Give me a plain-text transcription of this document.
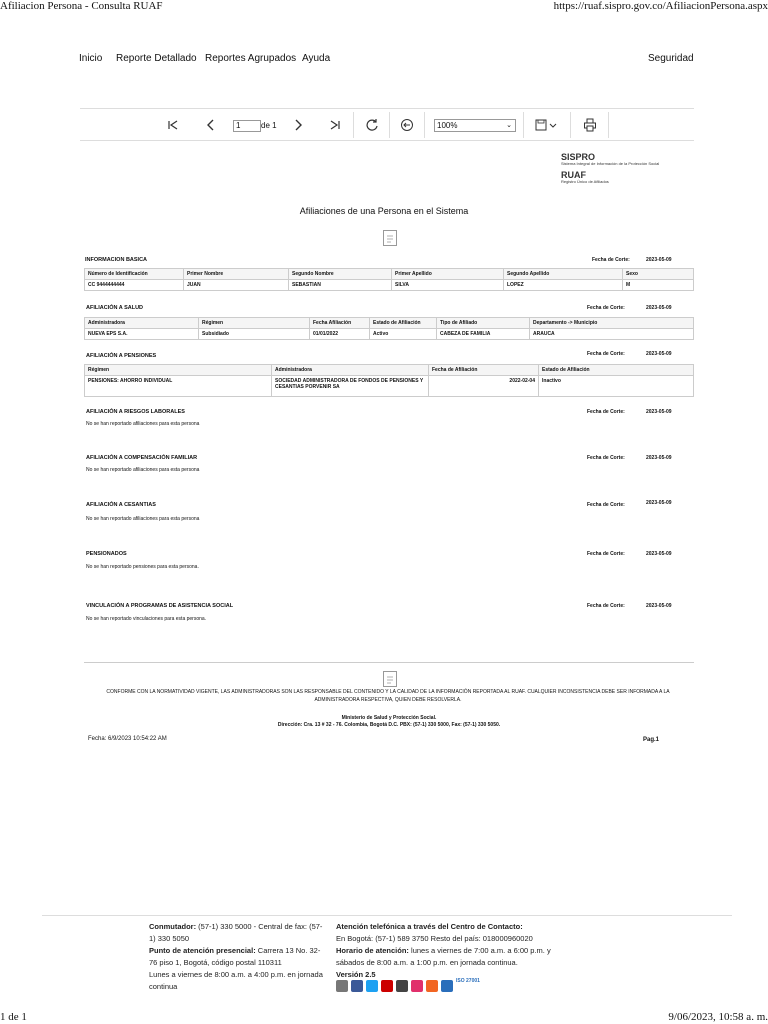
Afiliacion Persona - Consulta RUAF	https://ruaf.sispro.gov.co/AfiliacionPersona.aspx
Inicio Reporte Detallado Reportes Agrupados Ayuda	Seguridad
1	de 1	100%	⌄
SISPRO
Sistema Integral de Información de la Protección Social
RUAF
Registro Único de Afiliados
Afiliaciones de una Persona en el Sistema
INFORMACION BASICA	Fecha de Corte:	2023-05-09
Número de Identificación	Primer Nombre	Segundo Nombre	Primer Apellido	Segundo Apellido	Sexo
CC 9444444444	JUAN	SEBASTIAN	SILVA	LOPEZ	M
AFILIACIÓN A SALUD	Fecha de Corte:	2023-05-09
Administradora	Régimen	Fecha Afiliación	Estado de Afiliación	Tipo de Afiliado	Departamento -> Municipio
NUEVA EPS S.A.	Subsidiado	01/01/2022	Activo	CABEZA DE FAMILIA	ARAUCA
AFILIACIÓN A PENSIONES	Fecha de Corte:	2023-05-09
Régimen	Administradora	Fecha de Afiliación	Estado de Afiliación
PENSIONES: AHORRO INDIVIDUAL	SOCIEDAD ADMINISTRADORA DE FONDOS DE PENSIONES Y CESANTIAS PORVENIR SA	2022-02-04	Inactivo
AFILIACIÓN A RIESGOS LABORALES	Fecha de Corte:	2023-05-09
No se han reportado afiliaciones para esta persona
AFILIACIÓN A COMPENSACIÓN FAMILIAR	Fecha de Corte:	2023-05-09
No se han reportado afiliaciones para esta persona
AFILIACIÓN A CESANTIAS	Fecha de Corte:	2023-05-09
No se han reportado afiliaciones para esta persona
PENSIONADOS	Fecha de Corte:	2023-05-09
No se han reportado pensiones para esta persona.
VINCULACIÓN A PROGRAMAS DE ASISTENCIA SOCIAL	Fecha de Corte:	2023-05-09
No se han reportado vinculaciones para esta persona.
CONFORME CON LA NORMATIVIDAD VIGENTE, LAS ADMINISTRADORAS SON LAS RESPONSABLE DEL CONTENIDO Y LA CALIDAD DE LA INFORMACIÓN REPORTADA AL RUAF. CUALQUIER INCONSISTENCIA DEBE SER INFORMADA A LA ADMINISTRADORA RESPECTIVA, QUIEN DEBE RESOLVERLA.
Ministerio de Salud y Protección Social.
Dirección: Cra. 13 # 32 - 76. Colombia, Bogotá D.C. PBX: (57-1) 330 5000, Fax: (57-1) 330 5050.
Fecha: 6/9/2023 10:54:22 AM	Pag.1
Conmutador: (57-1) 330 5000 - Central de fax: (57-1) 330 5050
Punto de atención presencial: Carrera 13 No. 32-76 piso 1, Bogotá, código postal 110311
Lunes a viernes de 8:00 a.m. a 4:00 p.m. en jornada continua
Atención telefónica a través del Centro de Contacto:
En Bogotá: (57-1) 589 3750 Resto del país: 018000960020
Horario de atención: lunes a viernes de 7:00 a.m. a 6:00 p.m. y sábados de 8:00 a.m. a 1:00 p.m. en jornada continua.
Versión 2.5
ISO 27001
1 de 1	9/06/2023, 10:58 a. m.
